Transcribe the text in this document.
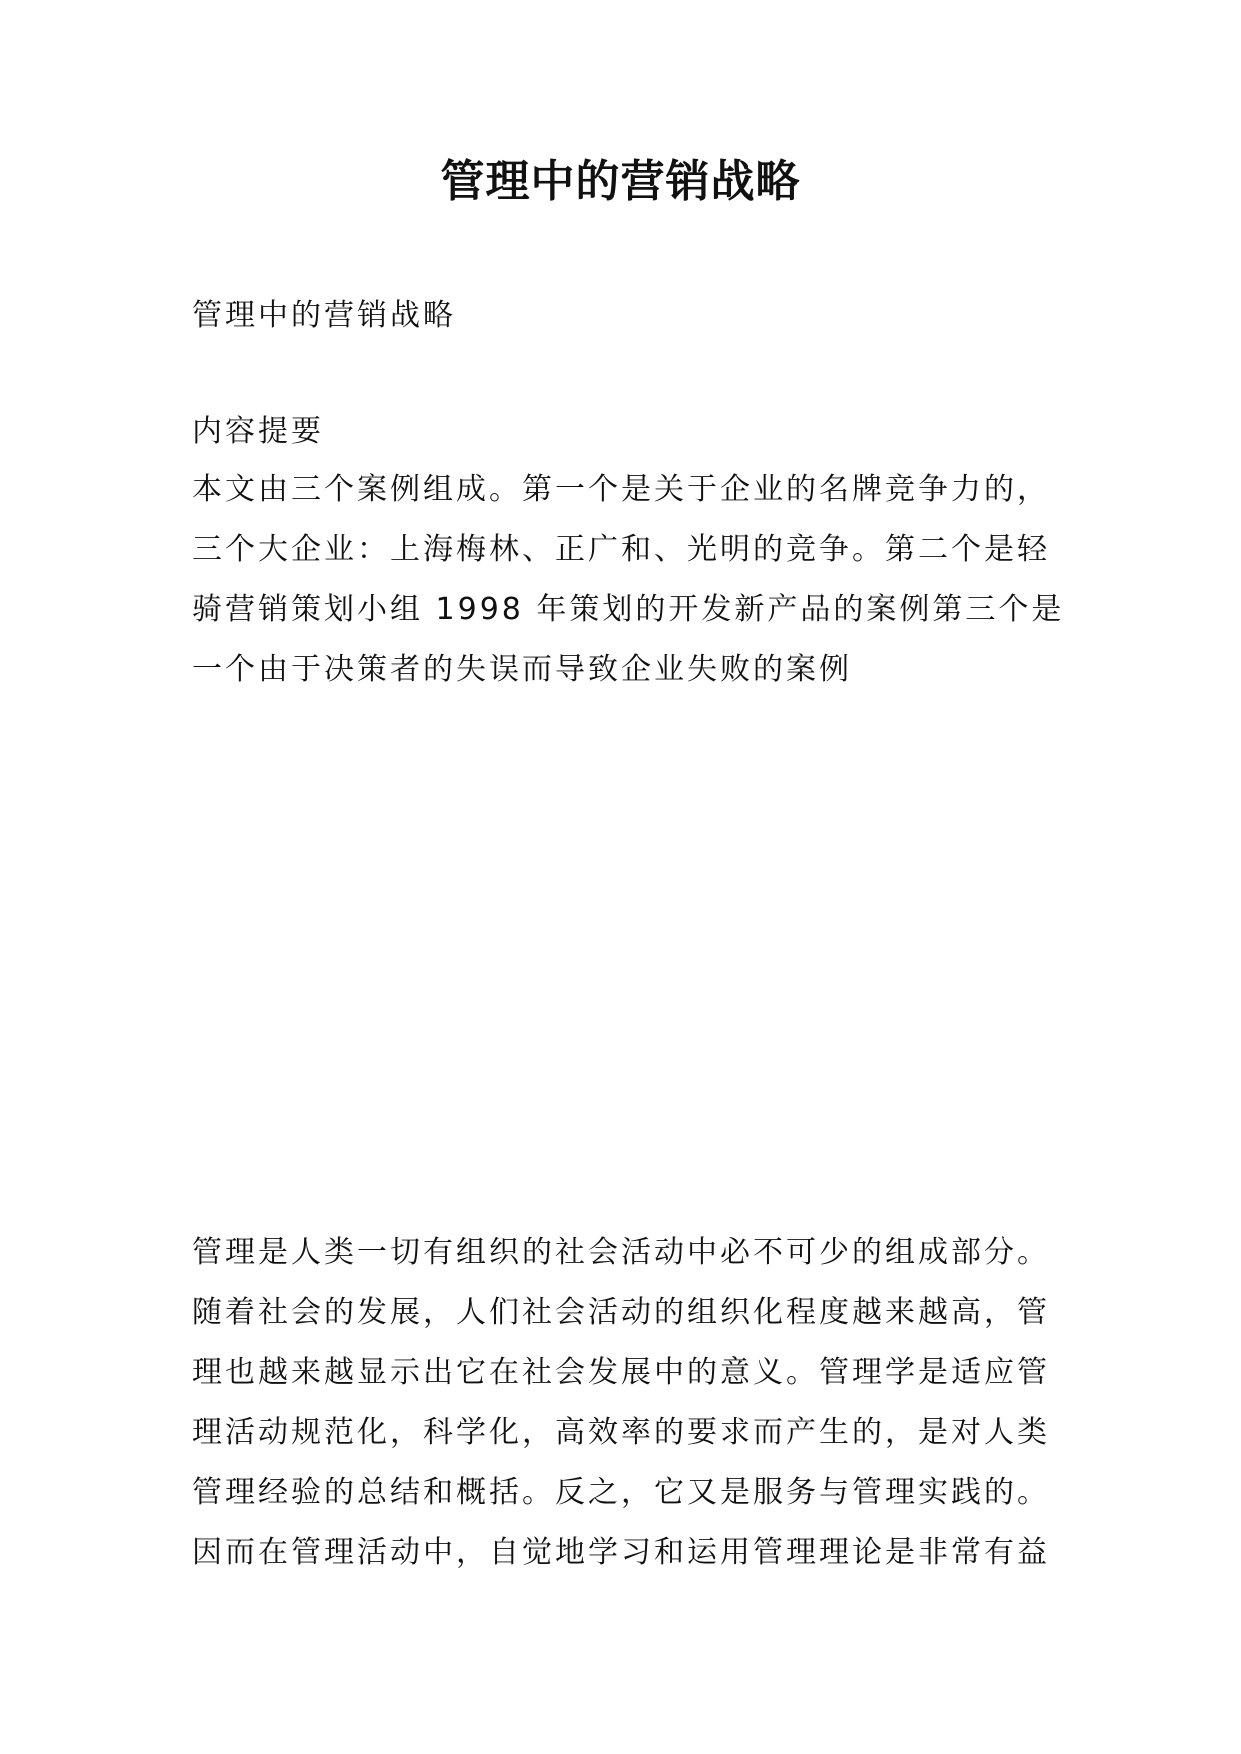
管理中的营销战略
管理中的营销战略
内容提要
本文由三个案例组成。第一个是关于企业的名牌竞争力的，
三个大企业：上海梅林、正广和、光明的竞争。第二个是轻
骑营销策划小组 1998 年策划的开发新产品的案例第三个是
一个由于决策者的失误而导致企业失败的案例
管理是人类一切有组织的社会活动中必不可少的组成部分。
随着社会的发展，人们社会活动的组织化程度越来越高，管
理也越来越显示出它在社会发展中的意义。管理学是适应管
理活动规范化，科学化，高效率的要求而产生的，是对人类
管理经验的总结和概括。反之，它又是服务与管理实践的。
因而在管理活动中，自觉地学习和运用管理理论是非常有益
